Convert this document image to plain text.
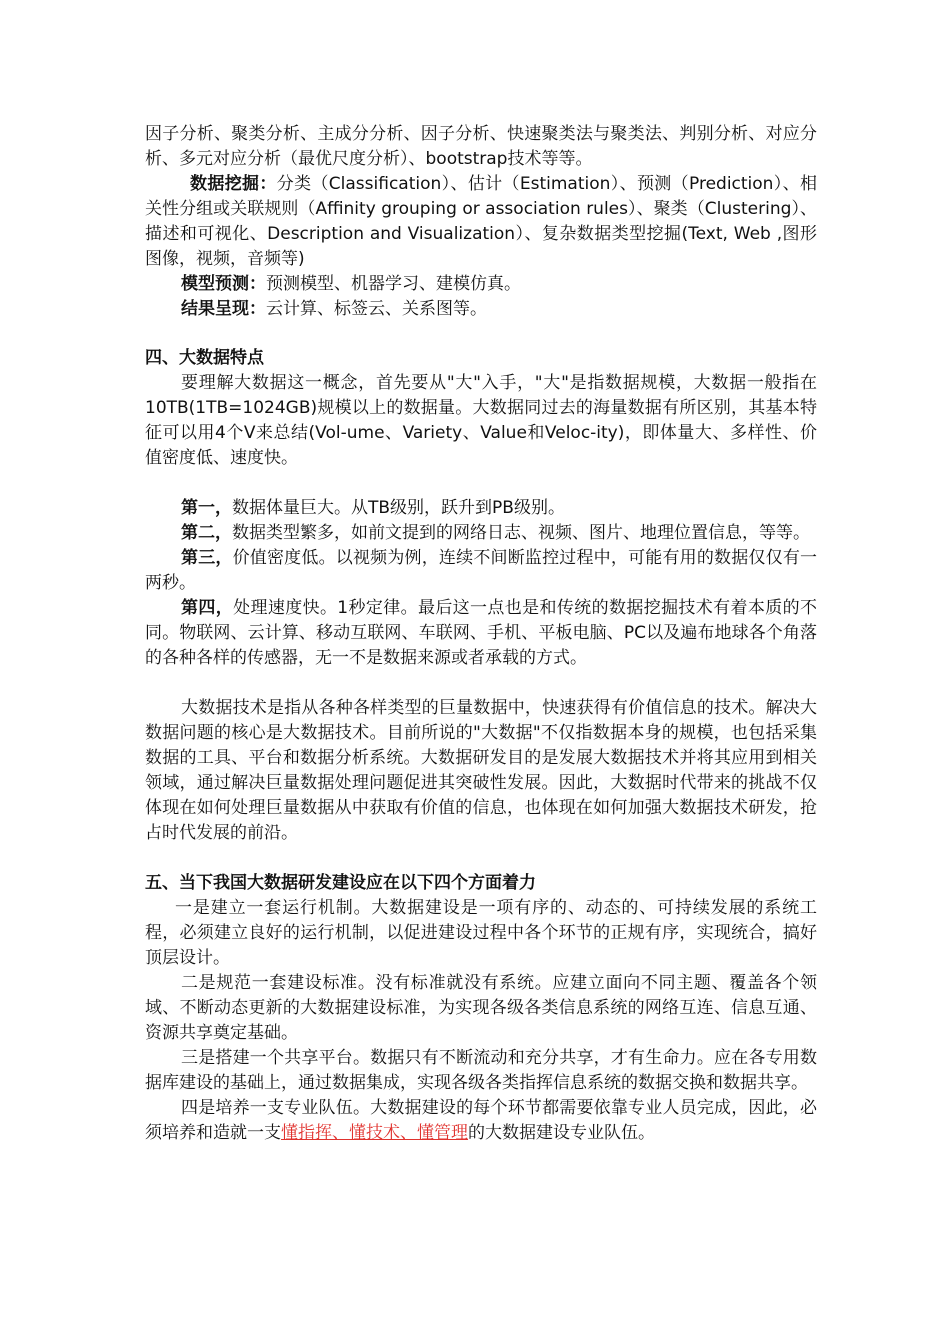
因子分析、聚类分析、主成分分析、因子分析、快速聚类法与聚类法、判别分析、对应分析、多元对应分析（最优尺度分析）、bootstrap技术等等。

数据挖掘：分类（Classification）、估计（Estimation）、预测（Prediction）、相关性分组或关联规则（Affinity grouping or association rules）、聚类（Clustering）、描述和可视化、Description and Visualization）、复杂数据类型挖掘(Text, Web ,图形图像，视频，音频等)

模型预测：预测模型、机器学习、建模仿真。

结果呈现：云计算、标签云、关系图等。

四、大数据特点

要理解大数据这一概念，首先要从"大"入手，"大"是指数据规模，大数据一般指在10TB(1TB=1024GB)规模以上的数据量。大数据同过去的海量数据有所区别，其基本特征可以用4个V来总结(Vol-ume、Variety、Value和Veloc-ity)，即体量大、多样性、价值密度低、速度快。

第一，数据体量巨大。从TB级别，跃升到PB级别。

第二，数据类型繁多，如前文提到的网络日志、视频、图片、地理位置信息，等等。

第三，价值密度低。以视频为例，连续不间断监控过程中，可能有用的数据仅仅有一两秒。

第四，处理速度快。1秒定律。最后这一点也是和传统的数据挖掘技术有着本质的不同。物联网、云计算、移动互联网、车联网、手机、平板电脑、PC以及遍布地球各个角落的各种各样的传感器，无一不是数据来源或者承载的方式。

大数据技术是指从各种各样类型的巨量数据中，快速获得有价值信息的技术。解决大数据问题的核心是大数据技术。目前所说的"大数据"不仅指数据本身的规模，也包括采集数据的工具、平台和数据分析系统。大数据研发目的是发展大数据技术并将其应用到相关领域，通过解决巨量数据处理问题促进其突破性发展。因此，大数据时代带来的挑战不仅体现在如何处理巨量数据从中获取有价值的信息，也体现在如何加强大数据技术研发，抢占时代发展的前沿。

五、当下我国大数据研发建设应在以下四个方面着力

一是建立一套运行机制。大数据建设是一项有序的、动态的、可持续发展的系统工程，必须建立良好的运行机制，以促进建设过程中各个环节的正规有序，实现统合，搞好顶层设计。

二是规范一套建设标准。没有标准就没有系统。应建立面向不同主题、覆盖各个领域、不断动态更新的大数据建设标准，为实现各级各类信息系统的网络互连、信息互通、资源共享奠定基础。

三是搭建一个共享平台。数据只有不断流动和充分共享，才有生命力。应在各专用数据库建设的基础上，通过数据集成，实现各级各类指挥信息系统的数据交换和数据共享。

四是培养一支专业队伍。大数据建设的每个环节都需要依靠专业人员完成，因此，必须培养和造就一支懂指挥、懂技术、懂管理的大数据建设专业队伍。
